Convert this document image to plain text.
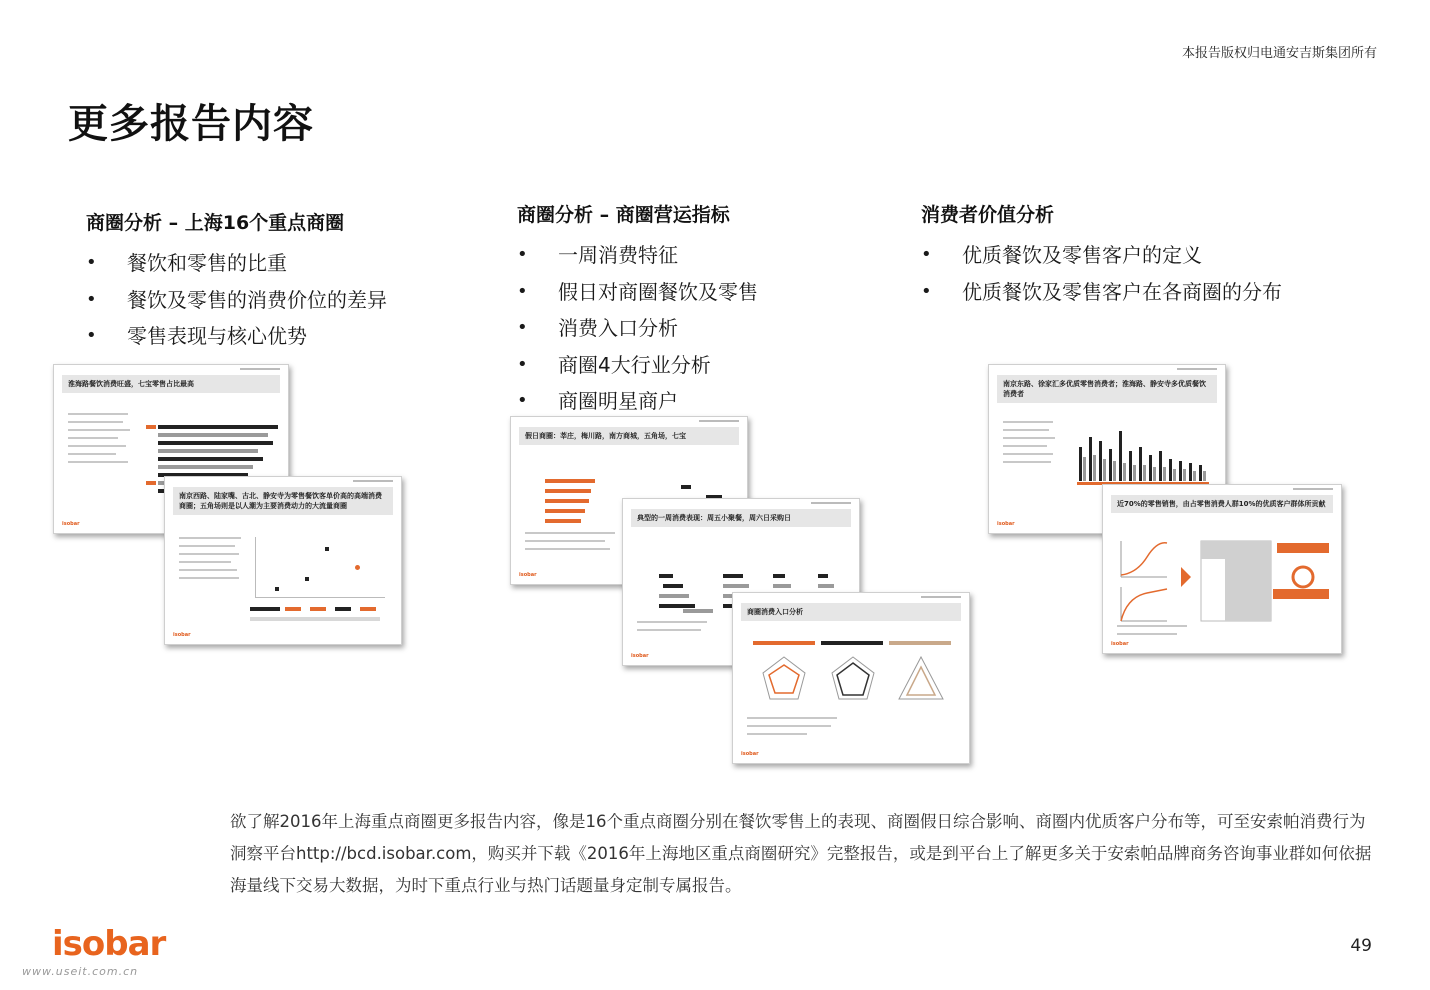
本报告版权归电通安吉斯集团所有
更多报告内容
商圈分析 – 上海16个重点商圈
• 餐饮和零售的比重
• 餐饮及零售的消费价位的差异
• 零售表现与核心优势
商圈分析 – 商圈营运指标
• 一周消费特征
• 假日对商圈餐饮及零售
• 消费入口分析
• 商圈4大行业分析
• 商圈明星商户
消费者价值分析
• 优质餐饮及零售客户的定义
• 优质餐饮及零售客户在各商圈的分布
淮海路餐饮消费旺盛，七宝零售占比最高
isobar
南京西路、陆家嘴、古北、静安寺为零售餐饮客单价高的高端消费商圈；五角场则是以人潮为主要消费动力的大流量商圈
isobar
假日商圈：莘庄，梅川路，南方商城，五角场，七宝
isobar
典型的一周消费表现：周五小聚餐，周六日采购日
isobar
商圈消费入口分析
isobar
南京东路、徐家汇多优质零售消费者；淮海路、静安寺多优质餐饮消费者
isobar
近70%的零售销售，由占零售消费人群10%的优质客户群体所贡献
isobar
欲了解2016年上海重点商圈更多报告内容，像是16个重点商圈分别在餐饮零售上的表现、商圈假日综合影响、商圈内优质客户分布等，可至安索帕消费行为洞察平台http://bcd.isobar.com，购买并下载《2016年上海地区重点商圈研究》完整报告，或是到平台上了解更多关于安索帕品牌商务咨询事业群如何依据海量线下交易大数据，为时下重点行业与热门话题量身定制专属报告。
isobar
www.useit.com.cn
49
